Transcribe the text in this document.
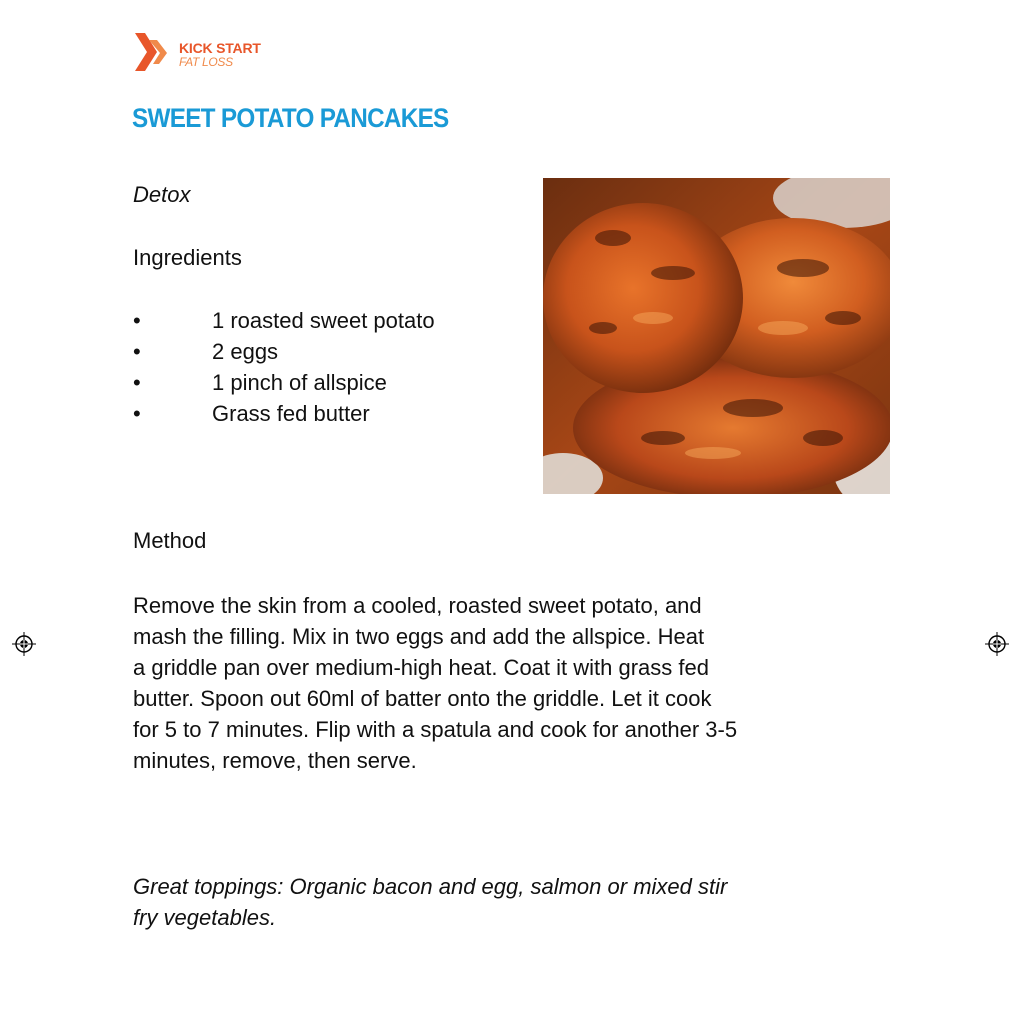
KICK START
FAT LOSS
SWEET POTATO PANCAKES
Detox
Ingredients
•	1 roasted sweet potato
•	2 eggs
•	1 pinch of allspice
•	Grass fed butter
Method
Remove the skin from a cooled, roasted sweet potato, and
mash the filling. Mix in two eggs and add the allspice. Heat
a griddle pan over medium-high heat. Coat it with grass fed
butter. Spoon out 60ml of batter onto the griddle. Let it cook
for 5 to 7 minutes. Flip with a spatula and cook for another 3-5
minutes, remove, then serve.
Great toppings: Organic bacon and egg, salmon or mixed stir
fry vegetables.
